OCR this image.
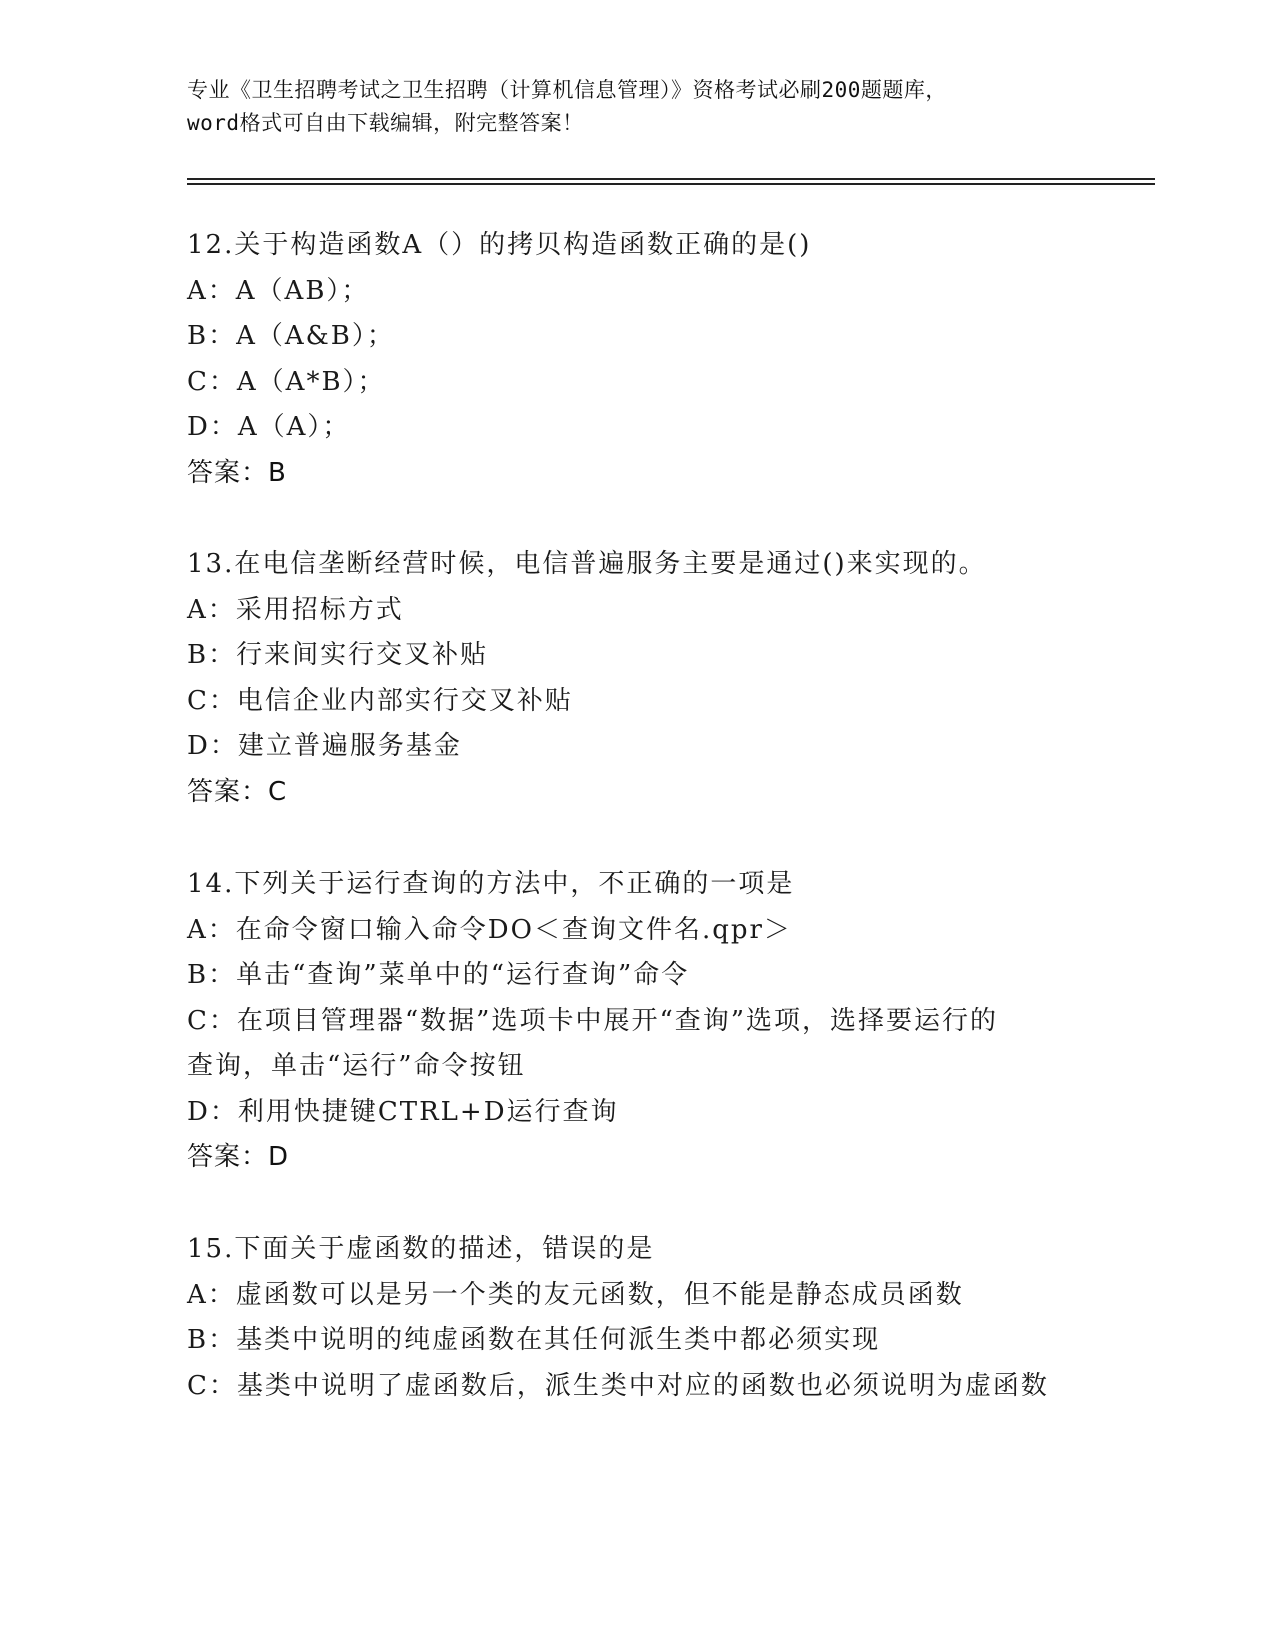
专业《卫生招聘考试之卫生招聘（计算机信息管理）》资格考试必刷200题题库，
word格式可自由下载编辑，附完整答案！
12.关于构造函数A（）的拷贝构造函数正确的是()
A：A（AB）；
B：A（A&B）；
C：A（A*B）；
D：A（A）；
答案：B
13.在电信垄断经营时候，电信普遍服务主要是通过()来实现的。
A：采用招标方式
B：行来间实行交叉补贴
C：电信企业内部实行交叉补贴
D：建立普遍服务基金
答案：C
14.下列关于运行查询的方法中，不正确的一项是
A：在命令窗口输入命令DO＜查询文件名.qpr＞
B：单击“查询”菜单中的“运行查询”命令
C：在项目管理器“数据”选项卡中展开“查询”选项，选择要运行的
查询，单击“运行”命令按钮
D：利用快捷键CTRL+D运行查询
答案：D
15.下面关于虚函数的描述，错误的是
A：虚函数可以是另一个类的友元函数，但不能是静态成员函数
B：基类中说明的纯虚函数在其任何派生类中都必须实现
C：基类中说明了虚函数后，派生类中对应的函数也必须说明为虚函数
